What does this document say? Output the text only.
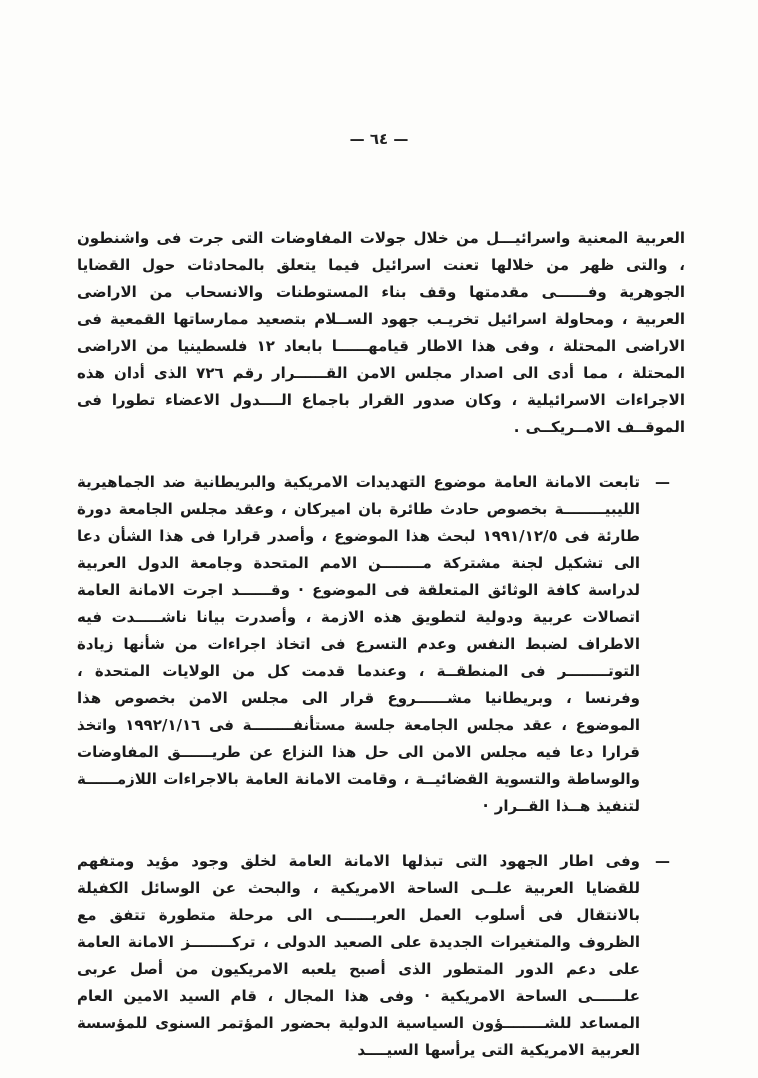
— ٦٤ —
العربية المعنية واسرائيـــل من خلال جولات المفاوضات التى جرت فى واشنطون ، والتى ظهر من خلالها تعنت اسرائيل فيما يتعلق بالمحادثات حول القضايا الجوهرية وفــــــى مقدمتها وقف بناء المستوطنات والانسحاب من الاراضى العربية ، ومحاولة اسرائيل تخريـب جهود الســلام بتصعيد ممارساتها القمعية فى الاراضى المحتلة ، وفى هذا الاطار قيامهــــــا بابعاد ١٢ فلسطينيا من الاراضى المحتلة ، مما أدى الى اصدار مجلس الامن القــــــرار رقم ٧٢٦ الذى أدان هذه الاجراءات الاسرائيلية ، وكان صدور القرار باجماع الــــدول الاعضاء تطورا فى الموقــف الامــريكــى .
—
تابعت الامانة العامة موضوع التهديدات الامريكية والبريطانية ضد الجماهيرية الليبيــــــــة بخصوص حادث طائرة بان اميركان ، وعقد مجلس الجامعة دورة طارئة فى ١٩٩١/١٢/٥ لبحث هذا الموضوع ، وأصدر قرارا فى هذا الشأن دعا الى تشكيل لجنة مشتركة مــــــــن الامم المتحدة وجامعة الدول العربية لدراسة كافة الوثائق المتعلقة فى الموضوع · وقــــــد اجرت الامانة العامة اتصالات عربية ودولية لتطويق هذه الازمة ، وأصدرت بيانا ناشـــــدت فيه الاطراف لضبط النفس وعدم التسرع فى اتخاذ اجراءات من شأنها زيادة التوتــــــــر فى المنطقــة ، وعندما قدمت كل من الولايات المتحدة ، وفرنسا ، وبريطانيا مشــــــروع قرار الى مجلس الامن بخصوص هذا الموضوع ، عقد مجلس الجامعة جلسة مستأنفــــــــة فى ١٩٩٢/١/١٦ واتخذ قرارا دعا فيه مجلس الامن الى حل هذا النزاع عن طريــــــق المفاوضات والوساطة والتسوية القضائيــة ، وقامت الامانة العامة بالاجراءات اللازمــــــة لتنفيذ هــذا القــرار ·
—
وفى اطار الجهود التى تبذلها الامانة العامة لخلق وجود مؤيد ومتفهم للقضايا العربية علــى الساحة الامريكية ، والبحث عن الوسائل الكفيلة بالانتقال فى أسلوب العمل العربــــــى الى مرحلة متطورة تتفق مع الظروف والمتغيرات الجديدة على الصعيد الدولى ، تركــــــــز الامانة العامة على دعم الدور المتطور الذى أصبح يلعبه الامريكيون من أصل عربى علــــــى الساحة الامريكية · وفى هذا المجال ، قام السيد الامين العام المساعد للشــــــــؤون السياسية الدولية بحضور المؤتمر السنوى للمؤسسة العربية الامريكية التى يرأسها السيــــد
